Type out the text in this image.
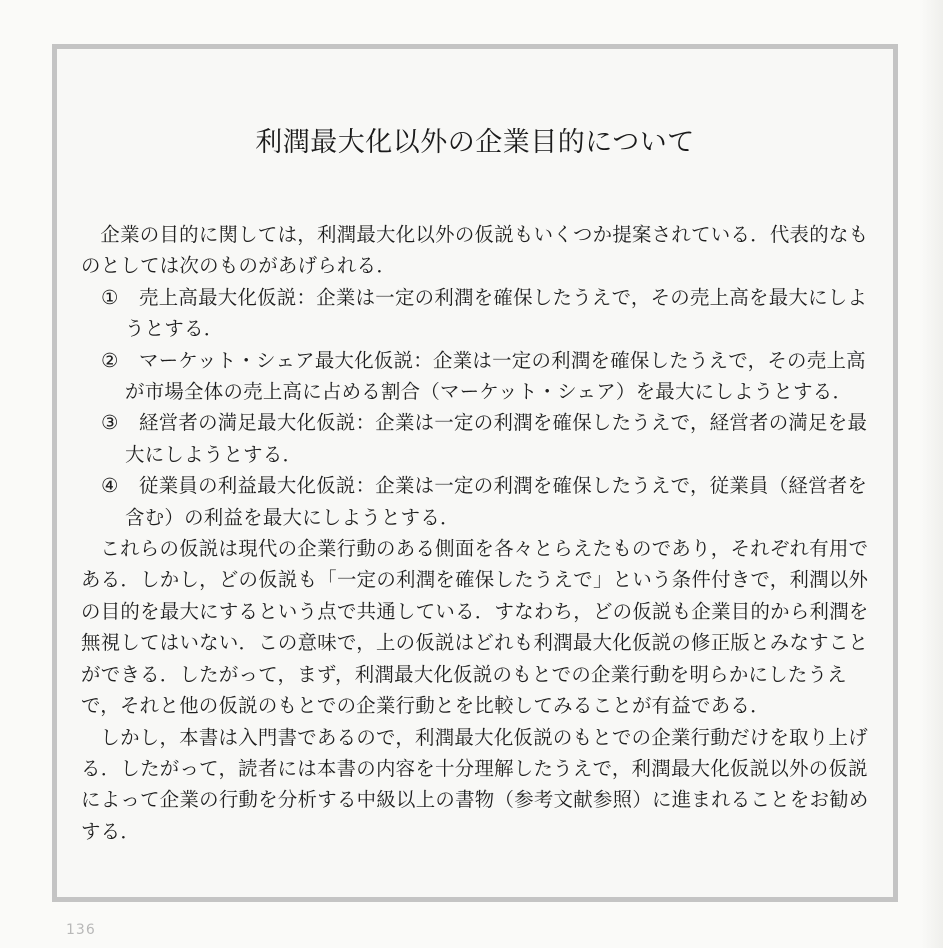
利潤最大化以外の企業目的について

企業の目的に関しては，利潤最大化以外の仮説もいくつか提案されている．代表的なものとしては次のものがあげられる．

①	売上高最大化仮説：企業は一定の利潤を確保したうえで，その売上高を最大にしようとする．
②	マーケット・シェア最大化仮説：企業は一定の利潤を確保したうえで，その売上高が市場全体の売上高に占める割合（マーケット・シェア）を最大にしようとする．
③	経営者の満足最大化仮説：企業は一定の利潤を確保したうえで，経営者の満足を最大にしようとする．
④	従業員の利益最大化仮説：企業は一定の利潤を確保したうえで，従業員（経営者を含む）の利益を最大にしようとする．

これらの仮説は現代の企業行動のある側面を各々とらえたものであり，それぞれ有用である．しかし，どの仮説も「一定の利潤を確保したうえで」という条件付きで，利潤以外の目的を最大にするという点で共通している．すなわち，どの仮説も企業目的から利潤を無視してはいない．この意味で，上の仮説はどれも利潤最大化仮説の修正版とみなすことができる．したがって，まず，利潤最大化仮説のもとでの企業行動を明らかにしたうえで，それと他の仮説のもとでの企業行動とを比較してみることが有益である．

しかし，本書は入門書であるので，利潤最大化仮説のもとでの企業行動だけを取り上げる．したがって，読者には本書の内容を十分理解したうえで，利潤最大化仮説以外の仮説によって企業の行動を分析する中級以上の書物（参考文献参照）に進まれることをお勧めする．

136
